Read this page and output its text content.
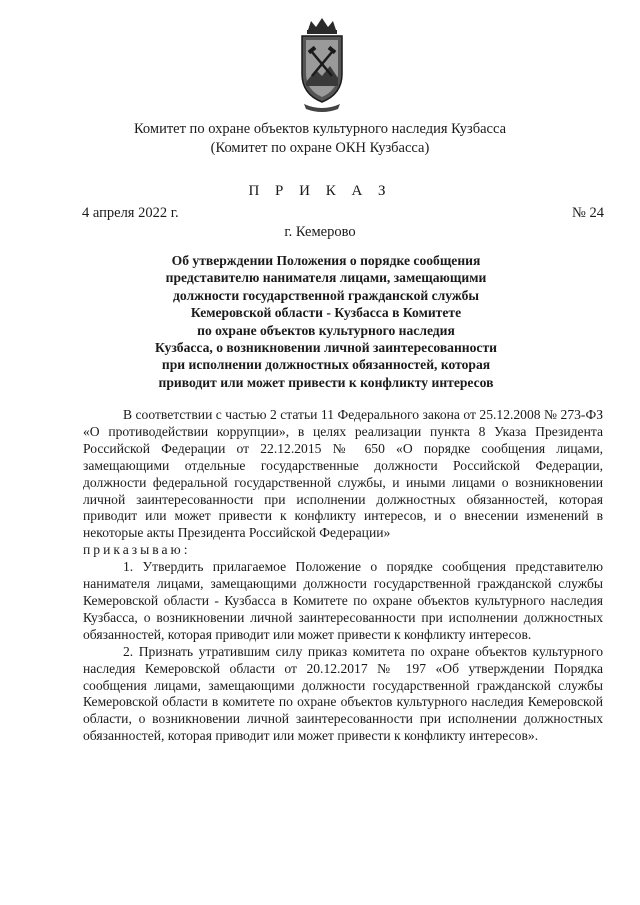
Комитет по охране объектов культурного наследия Кузбасса
(Комитет по охране ОКН Кузбасса)
П Р И К А З
4 апреля 2022 г.	№ 24
г. Кемерово
Об утверждении Положения о порядке сообщения
представителю нанимателя лицами, замещающими
должности государственной гражданской службы
Кемеровской области - Кузбасса в Комитете
по охране объектов культурного наследия
Кузбасса, о возникновении личной заинтересованности
при исполнении должностных обязанностей, которая
приводит или может привести к конфликту интересов

В соответствии с частью 2 статьи 11 Федерального закона от 25.12.2008 № 273-ФЗ «О противодействии коррупции», в целях реализации пункта 8 Указа Президента Российской Федерации от 22.12.2015 № 650 «О порядке сообщения лицами, замещающими отдельные государственные должности Российской Федерации, должности федеральной государственной службы, и иными лицами о возникновении личной заинтересованности при исполнении должностных обязанностей, которая приводит или может привести к конфликту интересов, и о внесении изменений в некоторые акты Президента Российской Федерации»

приказываю:

1. Утвердить прилагаемое Положение о порядке сообщения представителю нанимателя лицами, замещающими должности государственной гражданской службы Кемеровской области - Кузбасса в Комитете по охране объектов культурного наследия Кузбасса, о возникновении личной заинтересованности при исполнении должностных обязанностей, которая приводит или может привести к конфликту интересов.

2. Признать утратившим силу приказ комитета по охране объектов культурного наследия Кемеровской области от 20.12.2017 № 197 «Об утверждении Порядка сообщения лицами, замещающими должности государственной гражданской службы Кемеровской области в комитете по охране объектов культурного наследия Кемеровской области, о возникновении личной заинтересованности при исполнении должностных обязанностей, которая приводит или может привести к конфликту интересов».
